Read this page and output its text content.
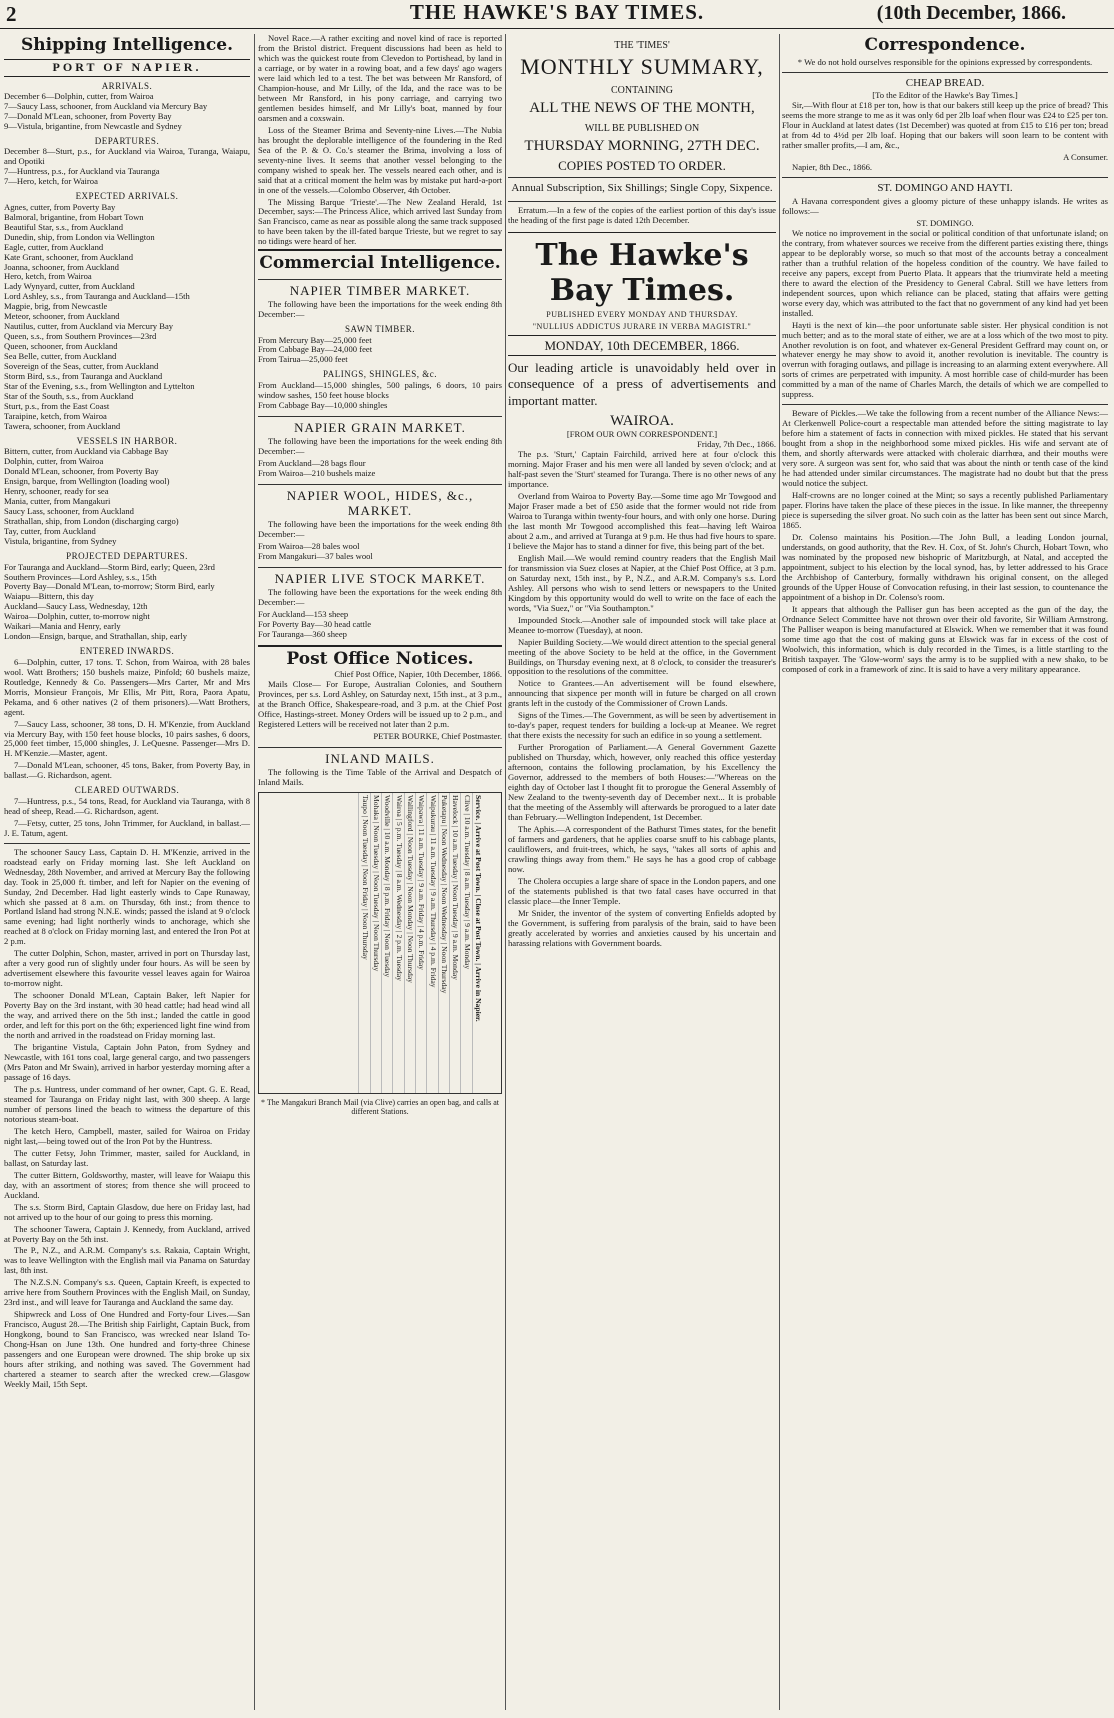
2	THE HAWKE'S BAY TIMES.	(10th December, 1866.
Shipping Intelligence.
PORT OF NAPIER.
ARRIVALS.

December 6—Dolphin, cutter, from Wairoa

7—Saucy Lass, schooner, from Auckland via Mercury Bay

7—Donald M'Lean, schooner, from Poverty Bay

9—Vistula, brigantine, from Newcastle and Sydney

DEPARTURES.

December 8—Sturt, p.s., for Auckland via Wairoa, Turanga, Waiapu, and Opotiki

7—Huntress, p.s., for Auckland via Tauranga

7—Hero, ketch, for Wairoa

EXPECTED ARRIVALS.

Agnes, cutter, from Poverty Bay

Balmoral, brigantine, from Hobart Town

Beautiful Star, s.s., from Auckland

Dunedin, ship, from London via Wellington

Eagle, cutter, from Auckland

Kate Grant, schooner, from Auckland

Joanna, schooner, from Auckland

Hero, ketch, from Wairoa

Lady Wynyard, cutter, from Auckland

Lord Ashley, s.s., from Tauranga and Auckland—15th

Magpie, brig, from Newcastle

Meteor, schooner, from Auckland

Nautilus, cutter, from Auckland via Mercury Bay

Queen, s.s., from Southern Provinces—23rd

Queen, schooner, from Auckland

Sea Belle, cutter, from Auckland

Sovereign of the Seas, cutter, from Auckland

Storm Bird, s.s., from Tauranga and Auckland

Star of the Evening, s.s., from Wellington and Lyttelton

Star of the South, s.s., from Auckland

Sturt, p.s., from the East Coast

Taraipine, ketch, from Wairoa

Tawera, schooner, from Auckland

VESSELS IN HARBOR.

Bittern, cutter, from Auckland via Cabbage Bay

Dolphin, cutter, from Wairoa

Donald M'Lean, schooner, from Poverty Bay

Ensign, barque, from Wellington (loading wool)

Henry, schooner, ready for sea

Mania, cutter, from Mangakuri

Saucy Lass, schooner, from Auckland

Strathallan, ship, from London (discharging cargo)

Tay, cutter, from Auckland

Vistula, brigantine, from Sydney

PROJECTED DEPARTURES.

For Tauranga and Auckland—Storm Bird, early; Queen, 23rd

Southern Provinces—Lord Ashley, s.s., 15th

Poverty Bay—Donald M'Lean, to-morrow; Storm Bird, early

Waiapu—Bittern, this day

Auckland—Saucy Lass, Wednesday, 12th

Wairoa—Dolphin, cutter, to-morrow night

Waikari—Mania and Henry, early

London—Ensign, barque, and Strathallan, ship, early

ENTERED INWARDS.

6—Dolphin, cutter, 17 tons. T. Schon, from Wairoa, with 28 bales wool. Watt Brothers; 150 bushels maize, Pinfold; 60 bushels maize, Routledge, Kennedy & Co. Passengers—Mrs Carter, Mr and Mrs Morris, Monsieur François, Mr Ellis, Mr Pitt, Rora, Paora Apatu, Pekama, and 6 other natives (2 of them prisoners).—Watt Brothers, agent.

7—Saucy Lass, schooner, 38 tons, D. H. M'Kenzie, from Auckland via Mercury Bay, with 150 feet house blocks, 10 pairs sashes, 6 doors, 25,000 feet timber, 15,000 shingles, J. LeQuesne. Passenger—Mrs D. H. M'Kenzie.—Master, agent.

7—Donald M'Lean, schooner, 45 tons, Baker, from Poverty Bay, in ballast.—G. Richardson, agent.

CLEARED OUTWARDS.

7—Huntress, p.s., 54 tons, Read, for Auckland via Tauranga, with 8 head of sheep, Read.—G. Richardson, agent.

7—Fetsy, cutter, 25 tons, John Trimmer, for Auckland, in ballast.—J. E. Tatum, agent.

The schooner Saucy Lass, Captain D. H. M'Kenzie, arrived in the roadstead early on Friday morning last. She left Auckland on Wednesday, 28th November, and arrived at Mercury Bay the following day. Took in 25,000 ft. timber, and left for Napier on the evening of Sunday, 2nd December. Had light easterly winds to Cape Runaway, which she passed at 8 a.m. on Thursday, 6th inst.; from thence to Portland Island had strong N.N.E. winds; passed the island at 9 o'clock same evening; had light northerly winds to anchorage, which she reached at 8 o'clock on Friday morning last, and entered the Iron Pot at 2 p.m.

The cutter Dolphin, Schon, master, arrived in port on Thursday last, after a very good run of slightly under four hours. As will be seen by advertisement elsewhere this favourite vessel leaves again for Wairoa to-morrow night.

The schooner Donald M'Lean, Captain Baker, left Napier for Poverty Bay on the 3rd instant, with 30 head cattle; had head wind all the way, and arrived there on the 5th inst.; landed the cattle in good order, and left for this port on the 6th; experienced light fine wind from the north and arrived in the roadstead on Friday morning last.

The brigantine Vistula, Captain John Paton, from Sydney and Newcastle, with 161 tons coal, large general cargo, and two passengers (Mrs Paton and Mr Swain), arrived in harbor yesterday morning after a passage of 16 days.

The p.s. Huntress, under command of her owner, Capt. G. E. Read, steamed for Tauranga on Friday night last, with 300 sheep. A large number of persons lined the beach to witness the departure of this notorious steam-boat.

The ketch Hero, Campbell, master, sailed for Wairoa on Friday night last,—being towed out of the Iron Pot by the Huntress.

The cutter Fetsy, John Trimmer, master, sailed for Auckland, in ballast, on Saturday last.

The cutter Bittern, Goldsworthy, master, will leave for Waiapu this day, with an assortment of stores; from thence she will proceed to Auckland.

The s.s. Storm Bird, Captain Glasdow, due here on Friday last, had not arrived up to the hour of our going to press this morning.

The schooner Tawera, Captain J. Kennedy, from Auckland, arrived at Poverty Bay on the 5th inst.

The P., N.Z., and A.R.M. Company's s.s. Rakaia, Captain Wright, was to leave Wellington with the English mail via Panama on Saturday last, 8th inst.

The N.Z.S.N. Company's s.s. Queen, Captain Kreeft, is expected to arrive here from Southern Provinces with the English Mail, on Sunday, 23rd inst., and will leave for Tauranga and Auckland the same day.

Shipwreck and Loss of One Hundred and Forty-four Lives.—San Francisco, August 28.—The British ship Fairlight, Captain Buck, from Hongkong, bound to San Francisco, was wrecked near Island To-Chong-Hsan on June 13th. One hundred and forty-three Chinese passengers and one European were drowned. The ship broke up six hours after striking, and nothing was saved. The Government had chartered a steamer to search after the wrecked crew.—Glasgow Weekly Mail, 15th Sept.

Novel Race.—A rather exciting and novel kind of race is reported from the Bristol district. Frequent discussions had been as held to which was the quickest route from Clevedon to Portishead, by land in a carriage, or by water in a rowing boat, and a few days' ago wagers were laid which led to a test. The bet was between Mr Ransford, of Champion-house, and Mr Lilly, of the Ida, and the race was to be between Mr Ransford, in his pony carriage, and carrying two gentlemen besides himself, and Mr Lilly's boat, manned by four oarsmen and a coxswain.

Loss of the Steamer Brima and Seventy-nine Lives.—The Nubia has brought the deplorable intelligence of the foundering in the Red Sea of the P. & O. Co.'s steamer the Brima, involving a loss of seventy-nine lives. It seems that another vessel belonging to the company wished to speak her. The vessels neared each other, and is said that at a critical moment the helm was by mistake put hard-a-port in one of the vessels.—Colombo Observer, 4th October.

The Missing Barque 'Trieste'.—The New Zealand Herald, 1st December, says:—The Princess Alice, which arrived last Sunday from San Francisco, came as near as possible along the same track supposed to have been taken by the ill-fated barque Trieste, but we regret to say no tidings were heard of her.

Commercial Intelligence.
NAPIER TIMBER MARKET.

The following have been the importations for the week ending 8th December:—

SAWN TIMBER.

From Mercury Bay—25,000 feet

From Cabbage Bay—24,000 feet

From Tairua—25,000 feet

PALINGS, SHINGLES, &c.

From Auckland—15,000 shingles, 500 palings, 6 doors, 10 pairs window sashes, 150 feet house blocks

From Cabbage Bay—10,000 shingles

NAPIER GRAIN MARKET.

The following have been the importations for the week ending 8th December:—

From Auckland—28 bags flour

From Wairoa—210 bushels maize

NAPIER WOOL, HIDES, &c., MARKET.

The following have been the importations for the week ending 8th December:—

From Wairoa—28 bales wool

From Mangakuri—37 bales wool

NAPIER LIVE STOCK MARKET.

The following have been the exportations for the week ending 8th December:—

For Auckland—153 sheep

For Poverty Bay—30 head cattle

For Tauranga—360 sheep

Post Office Notices.
Chief Post Office, Napier, 10th December, 1866.

Mails Close— For Europe, Australian Colonies, and Southern Provinces, per s.s. Lord Ashley, on Saturday next, 15th inst., at 3 p.m., at the Branch Office, Shakespeare-road, and 3 p.m. at the Chief Post Office, Hastings-street. Money Orders will be issued up to 2 p.m., and Registered Letters will be received not later than 2 p.m.

PETER BOURKE, Chief Postmaster.
INLAND MAILS.

The following is the Time Table of the Arrival and Despatch of Inland Mails.

Service. | Arrive at Post Town. | Close at Post Town. | Arrive in Napier.
Clive | 10 a.m. Tuesday | 8 a.m. Tuesday | 9 a.m. Monday
Havelock | 10 a.m. Tuesday | Noon Tuesday | 9 a.m. Monday
Puketapu | Noon Wednesday | Noon Wednesday | Noon Thursday
Waipukurau | 11 a.m. Tuesday | 9 a.m. Thursday | 4 p.m. Friday
Waipawa | 11 a.m. Tuesday | 9 a.m. Friday | 4 p.m. Friday
Wallingford | Noon Tuesday | Noon Monday | Noon Thursday
Wairoa | 5 p.m. Tuesday | 8 a.m. Wednesday | 2 p.m. Tuesday
Woodville | 10 a.m. Monday | 8 p.m. Friday | Noon Tuesday
Mohaka | Noon Tuesday | Noon Tuesday | Noon Thursday
Taupo | Noon Tuesday | Noon Friday | Noon Thursday
* The Mangakuri Branch Mail (via Clive) carries an open bag, and calls at different Stations.
THE 'TIMES'
MONTHLY SUMMARY,
CONTAINING
ALL THE NEWS OF THE MONTH,
WILL BE PUBLISHED ON
THURSDAY MORNING, 27TH DEC.
COPIES POSTED TO ORDER.
Annual Subscription, Six Shillings; Single Copy, Sixpence.

Erratum.—In a few of the copies of the earliest portion of this day's issue the heading of the first page is dated 12th December.

The Hawke's Bay Times.
PUBLISHED EVERY MONDAY AND THURSDAY.
"NULLIUS ADDICTUS JURARE IN VERBA MAGISTRI."
MONDAY, 10th DECEMBER, 1866.

Our leading article is unavoidably held over in consequence of a press of advertisements and important matter.

WAIROA.
[FROM OUR OWN CORRESPONDENT.]
Friday, 7th Dec., 1866.

The p.s. 'Sturt,' Captain Fairchild, arrived here at four o'clock this morning. Major Fraser and his men were all landed by seven o'clock; and at half-past seven the 'Sturt' steamed for Turanga. There is no other news of any importance.

Overland from Wairoa to Poverty Bay.—Some time ago Mr Towgood and Major Fraser made a bet of £50 aside that the former would not ride from Wairoa to Turanga within twenty-four hours, and with only one horse. During the last month Mr Towgood accomplished this feat—having left Wairoa about 2 a.m., and arrived at Turanga at 9 p.m. He thus had five hours to spare. I believe the Major has to stand a dinner for five, this being part of the bet.

English Mail.—We would remind country readers that the English Mail for transmission via Suez closes at Napier, at the Chief Post Office, at 3 p.m. on Saturday next, 15th inst., by P., N.Z., and A.R.M. Company's s.s. Lord Ashley. All persons who wish to send letters or newspapers to the United Kingdom by this opportunity would do well to write on the face of each the words, "Via Suez," or "Via Southampton."

Impounded Stock.—Another sale of impounded stock will take place at Meanee to-morrow (Tuesday), at noon.

Napier Building Society.—We would direct attention to the special general meeting of the above Society to be held at the office, in the Government Buildings, on Thursday evening next, at 8 o'clock, to consider the treasurer's opposition to the resolutions of the committee.

Notice to Grantees.—An advertisement will be found elsewhere, announcing that sixpence per month will in future be charged on all crown grants left in the custody of the Commissioner of Crown Lands.

Signs of the Times.—The Government, as will be seen by advertisement in to-day's paper, request tenders for building a lock-up at Meanee. We regret that there exists the necessity for such an edifice in so young a settlement.

Further Prorogation of Parliament.—A General Government Gazette published on Thursday, which, however, only reached this office yesterday afternoon, contains the following proclamation, by his Excellency the Governor, addressed to the members of both Houses:—"Whereas on the eighth day of October last I thought fit to prorogue the General Assembly of New Zealand to the twenty-seventh day of December next... It is probable that the meeting of the Assembly will afterwards be prorogued to a later date than February.—Wellington Independent, 1st December.

The Aphis.—A correspondent of the Bathurst Times states, for the benefit of farmers and gardeners, that he applies coarse snuff to his cabbage plants, cauliflowers, and fruit-trees, which, he says, "takes all sorts of aphis and crawling things away from them." He says he has a good crop of cabbage now.

The Cholera occupies a large share of space in the London papers, and one of the statements published is that two fatal cases have occurred in that classic place—the Inner Temple.

Mr Snider, the inventor of the system of converting Enfields adopted by the Government, is suffering from paralysis of the brain, said to have been greatly accelerated by worries and anxieties caused by his uncertain and harassing relations with Government boards.

Correspondence.
* We do not hold ourselves responsible for the opinions expressed by correspondents.
CHEAP BREAD.
[To the Editor of the Hawke's Bay Times.]

Sir,—With flour at £18 per ton, how is that our bakers still keep up the price of bread? This seems the more strange to me as it was only 6d per 2lb loaf when flour was £24 to £25 per ton. Flour in Auckland at latest dates (1st December) was quoted at from £15 to £16 per ton; bread at from 4d to 4½d per 2lb loaf. Hoping that our bakers will soon learn to be content with rather smaller profits,—I am, &c.,

A Consumer.

Napier, 8th Dec., 1866.

ST. DOMINGO AND HAYTI.

A Havana correspondent gives a gloomy picture of these unhappy islands. He writes as follows:—

ST. DOMINGO.

We notice no improvement in the social or political condition of that unfortunate island; on the contrary, from whatever sources we receive from the different parties existing there, things appear to be deplorably worse, so much so that most of the accounts betray a concealment rather than a truthful relation of the hopeless condition of the country. We have failed to receive any papers, except from Puerto Plata. It appears that the triumvirate held a meeting there to award the election of the Presidency to General Cabral. Still we have letters from independent sources, upon which reliance can be placed, stating that affairs were getting worse every day, which was attributed to the fact that no government of any kind had yet been installed.

Hayti is the next of kin—the poor unfortunate sable sister. Her physical condition is not much better; and as to the moral state of either, we are at a loss which of the two most to pity. Another revolution is on foot, and whatever ex-General President Geffrard may count on, or whatever energy he may show to avoid it, another revolution is inevitable. The country is overrun with foraging outlaws, and pillage is increasing to an alarming extent everywhere. All sorts of crimes are perpetrated with impunity. A most horrible case of child-murder has been committed by a man of the name of Charles March, the details of which we are compelled to suppress.

Beware of Pickles.—We take the following from a recent number of the Alliance News:—At Clerkenwell Police-court a respectable man attended before the sitting magistrate to lay before him a statement of facts in connection with mixed pickles. He stated that his servant bought from a shop in the neighborhood some mixed pickles. His wife and servant ate of them, and shortly afterwards were attacked with choleraic diarrhœa, and their mouths were very sore. A surgeon was sent for, who said that was about the ninth or tenth case of the kind he had attended under similar circumstances. The magistrate had no doubt but that the press would notice the subject.

Half-crowns are no longer coined at the Mint; so says a recently published Parliamentary paper. Florins have taken the place of these pieces in the issue. In like manner, the threepenny piece is superseding the silver groat. No such coin as the latter has been sent out since March, 1865.

Dr. Colenso maintains his Position.—The John Bull, a leading London journal, understands, on good authority, that the Rev. H. Cox, of St. John's Church, Hobart Town, who was nominated by the proposed new bishopric of Maritzburgh, at Natal, and accepted the appointment, subject to his election by the local synod, has, by letter addressed to his Grace the Archbishop of Canterbury, formally withdrawn his original consent, on the alleged grounds of the Upper House of Convocation refusing, in their last session, to countenance the appointment of a bishop in Dr. Colenso's room.

It appears that although the Palliser gun has been accepted as the gun of the day, the Ordnance Select Committee have not thrown over their old favorite, Sir William Armstrong. The Palliser weapon is being manufactured at Elswick. When we remember that it was found some time ago that the cost of making guns at Elswick was far in excess of the cost of Woolwich, this information, which is duly recorded in the Times, is a little startling to the British taxpayer. The 'Glow-worm' says the army is to be supplied with a new shako, to be composed of cork in a framework of zinc. It is said to have a very military appearance.
